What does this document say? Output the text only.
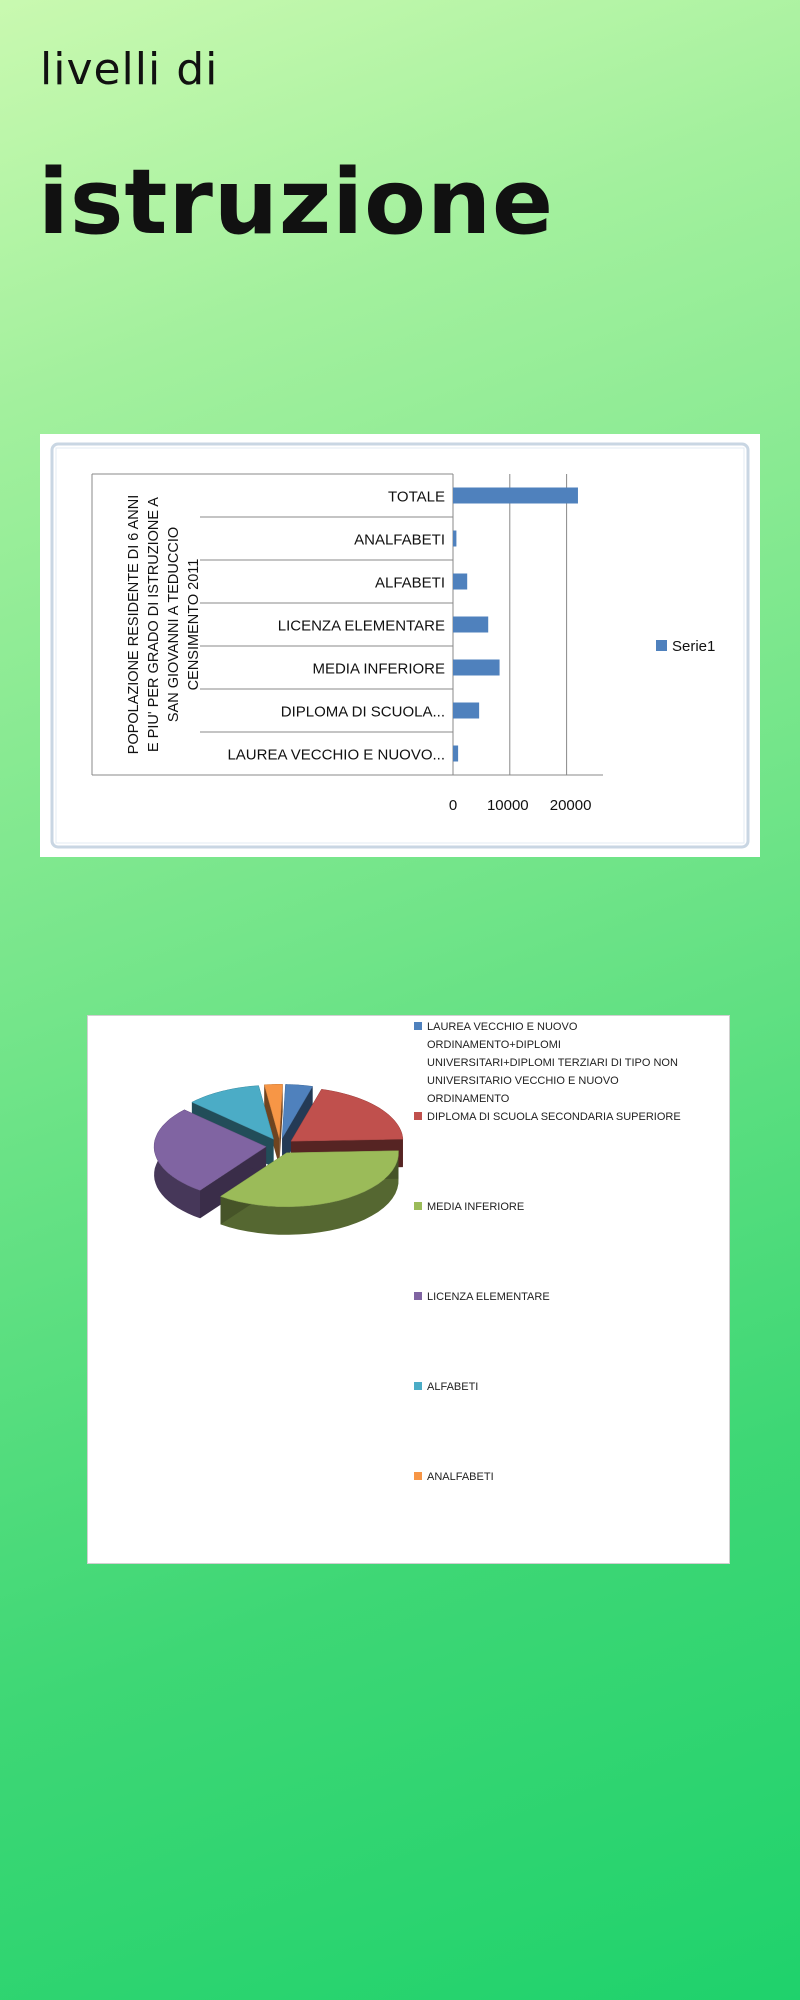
livelli di
istruzione
0 10000 20000
POPOLAZIONE RESIDENTE DI 6 ANNI E PIU' PER GRADO DI ISTRUZIONE A SAN GIOVANNI A TEDUCCIO CENSIMENTO 2011
TOTALE
ANALFABETI
ALFABETI
LICENZA ELEMENTARE
MEDIA INFERIORE
DIPLOMA DI SCUOLA...
LAUREA VECCHIO E NUOVO...
Serie1
LAUREA VECCHIO E NUOVO
ORDINAMENTO+DIPLOMI
UNIVERSITARI+DIPLOMI TERZIARI DI TIPO NON
UNIVERSITARIO VECCHIO E NUOVO
ORDINAMENTO
DIPLOMA DI SCUOLA SECONDARIA SUPERIORE
MEDIA INFERIORE
LICENZA ELEMENTARE
ALFABETI
ANALFABETI
